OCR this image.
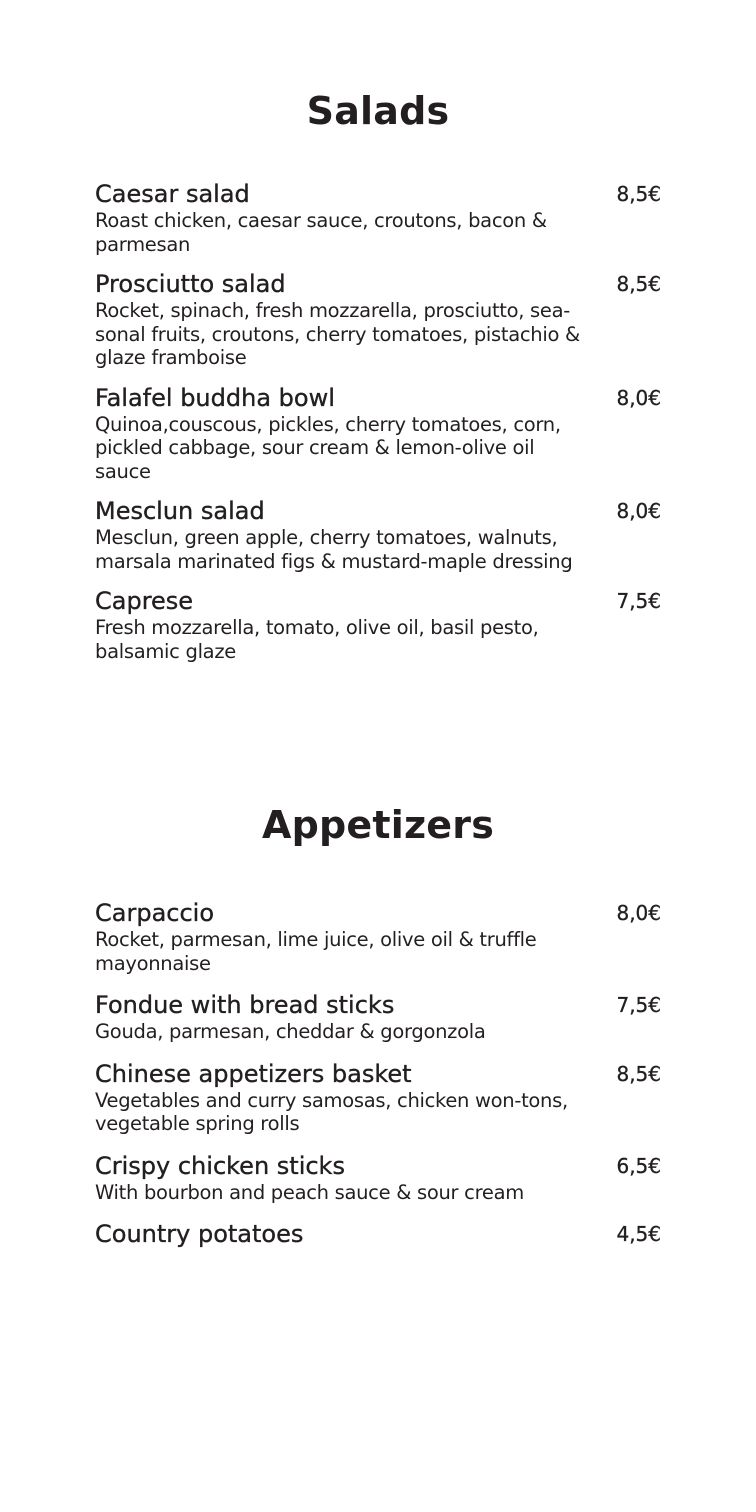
Salads
Caesar salad
Roast chicken, caesar sauce, croutons, bacon & parmesan
8,5€
Prosciutto salad
Rocket, spinach, fresh mozzarella, prosciutto, seasonal fruits, croutons, cherry tomatoes, pistachio & glaze framboise
8,5€
Falafel buddha bowl
Quinoa,couscous, pickles, cherry tomatoes, corn, pickled cabbage, sour cream & lemon-olive oil sauce
8,0€
Mesclun salad
Mesclun, green apple, cherry tomatoes, walnuts, marsala marinated figs & mustard-maple dressing
8,0€
Caprese
Fresh mozzarella, tomato, olive oil, basil pesto, balsamic glaze
7,5€
Appetizers
Carpaccio
Rocket, parmesan, lime juice, olive oil & truffle mayonnaise
8,0€
Fondue with bread sticks
Gouda, parmesan, cheddar & gorgonzola
7,5€
Chinese appetizers basket
Vegetables and curry samosas, chicken won-tons, vegetable spring rolls
8,5€
Crispy chicken sticks
With bourbon and peach sauce & sour cream
6,5€
Country potatoes	4,5€
